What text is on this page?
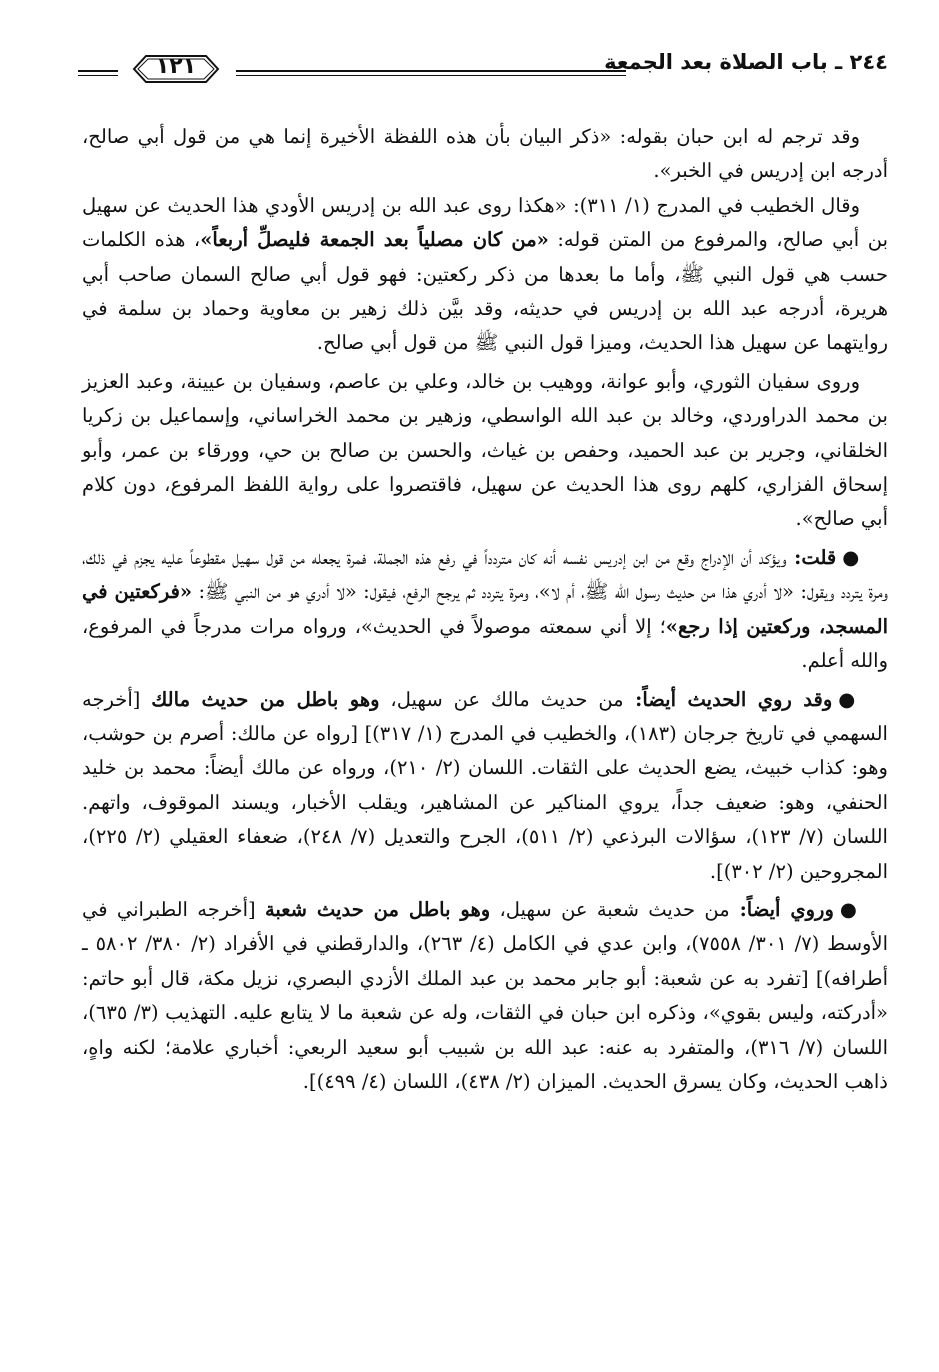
٢٤٤ ـ باب الصلاة بعد الجمعة
١٢١

وقد ترجم له ابن حبان بقوله: «ذكر البيان بأن هذه اللفظة الأخيرة إنما هي من قول أبي صالح، أدرجه ابن إدريس في الخبر».

وقال الخطيب في المدرج (١/ ٣١١): «هكذا روى عبد الله بن إدريس الأودي هذا الحديث عن سهيل بن أبي صالح، والمرفوع من المتن قوله: «من كان مصلياً بعد الجمعة فليصلِّ أربعاً»، هذه الكلمات حسب هي قول النبي ﷺ، وأما ما بعدها من ذكر ركعتين: فهو قول أبي صالح السمان صاحب أبي هريرة، أدرجه عبد الله بن إدريس في حديثه، وقد بيَّن ذلك زهير بن معاوية وحماد بن سلمة في روايتهما عن سهيل هذا الحديث، وميزا قول النبي ﷺ من قول أبي صالح.

وروى سفيان الثوري، وأبو عوانة، ووهيب بن خالد، وعلي بن عاصم، وسفيان بن عيينة، وعبد العزيز بن محمد الدراوردي، وخالد بن عبد الله الواسطي، وزهير بن محمد الخراساني، وإسماعيل بن زكريا الخلقاني، وجرير بن عبد الحميد، وحفص بن غياث، والحسن بن صالح بن حي، وورقاء بن عمر، وأبو إسحاق الفزاري، كلهم روى هذا الحديث عن سهيل، فاقتصروا على رواية اللفظ المرفوع، دون كلام أبي صالح».

●قلت: ويؤكد أن الإدراج وقع من ابن إدريس نفسه أنه كان متردداً في رفع هذه الجملة، فمرة يجعله من قول سهيل مقطوعاً عليه يجزم في ذلك، ومرة يتردد ويقول: «لا أدري هذا من حديث رسول الله ﷺ، أم لا»، ومرة يتردد ثم يرجح الرفع، فيقول: «لا أدري هو من النبي ﷺ: «فركعتين في المسجد، وركعتين إذا رجع»؛ إلا أني سمعته موصولاً في الحديث»، ورواه مرات مدرجاً في المرفوع، والله أعلم.

●وقد روي الحديث أيضاً: من حديث مالك عن سهيل، وهو باطل من حديث مالك [أخرجه السهمي في تاريخ جرجان (١٨٣)، والخطيب في المدرج (١/ ٣١٧)] [رواه عن مالك: أصرم بن حوشب، وهو: كذاب خبيث، يضع الحديث على الثقات. اللسان (٢/ ٢١٠)، ورواه عن مالك أيضاً: محمد بن خليد الحنفي، وهو: ضعيف جداً، يروي المناكير عن المشاهير، ويقلب الأخبار، ويسند الموقوف، واتهم. اللسان (٧/ ١٢٣)، سؤالات البرذعي (٢/ ٥١١)، الجرح والتعديل (٧/ ٢٤٨)، ضعفاء العقيلي (٢/ ٢٢٥)، المجروحين (٢/ ٣٠٢)].

●وروي أيضاً: من حديث شعبة عن سهيل، وهو باطل من حديث شعبة [أخرجه الطبراني في الأوسط (٧/ ٣٠١/ ٧٥٥٨)، وابن عدي في الكامل (٤/ ٢٦٣)، والدارقطني في الأفراد (٢/ ٣٨٠/ ٥٨٠٢ ـ أطرافه)] [تفرد به عن شعبة: أبو جابر محمد بن عبد الملك الأزدي البصري، نزيل مكة، قال أبو حاتم: «أدركته، وليس بقوي»، وذكره ابن حبان في الثقات، وله عن شعبة ما لا يتابع عليه. التهذيب (٣/ ٦٣٥)، اللسان (٧/ ٣١٦)، والمتفرد به عنه: عبد الله بن شبيب أبو سعيد الربعي: أخباري علامة؛ لكنه واهٍ، ذاهب الحديث، وكان يسرق الحديث. الميزان (٢/ ٤٣٨)، اللسان (٤/ ٤٩٩)].
